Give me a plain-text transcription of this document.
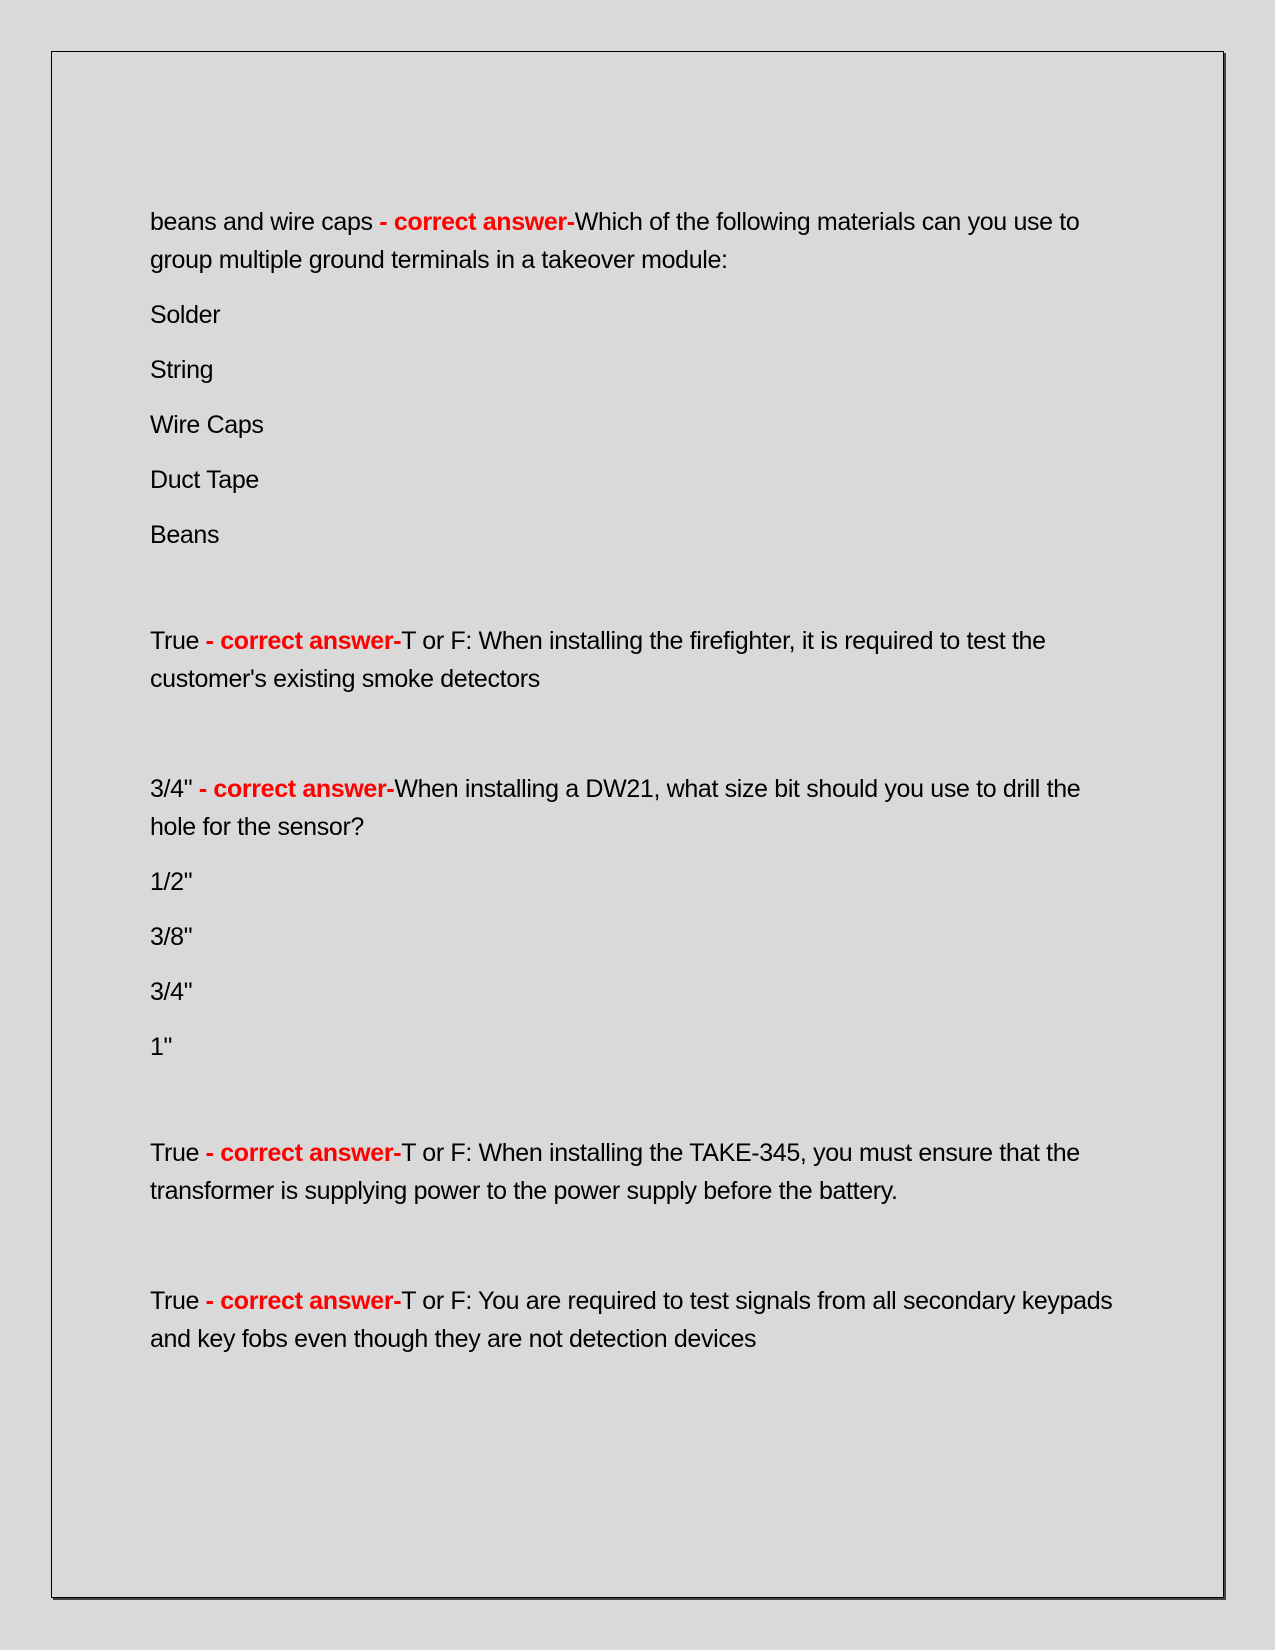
beans and wire caps - correct answer-Which of the following materials can you use to group multiple ground terminals in a takeover module:

Solder

String

Wire Caps

Duct Tape

Beans

True - correct answer-T or F: When installing the firefighter, it is required to test the customer's existing smoke detectors

3/4" - correct answer-When installing a DW21, what size bit should you use to drill the hole for the sensor?

1/2"

3/8"

3/4"

1"

True - correct answer-T or F: When installing the TAKE-345, you must ensure that the transformer is supplying power to the power supply before the battery.

True - correct answer-T or F: You are required to test signals from all secondary keypads and key fobs even though they are not detection devices
